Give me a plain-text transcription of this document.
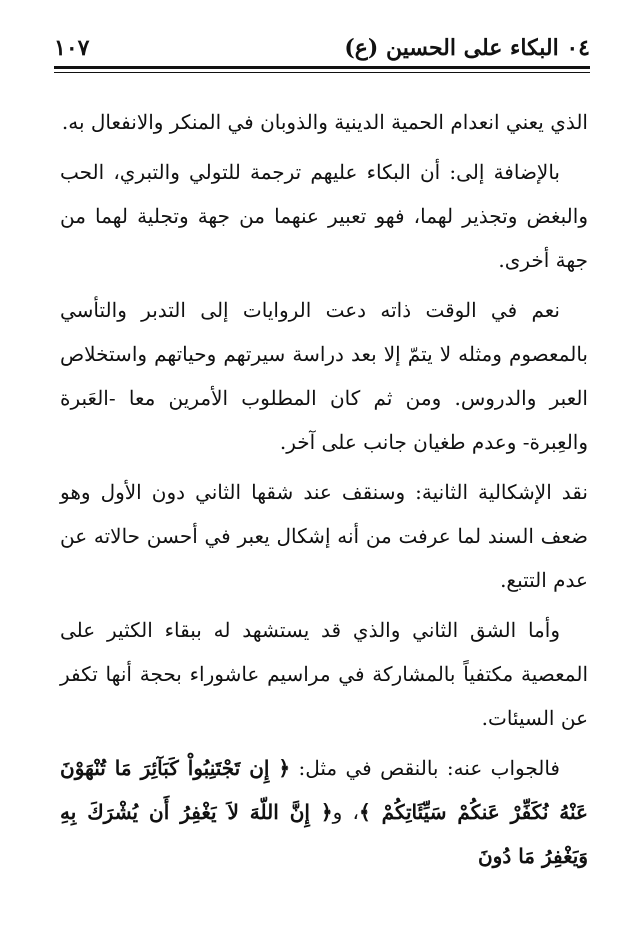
٠٤ البكاء على الحسين (ع)
١٠٧

الذي يعني انعدام الحمية الدينية والذوبان في المنكر والانفعال به.

بالإضافة إلى: أن البكاء عليهم ترجمة للتولي والتبري، الحب والبغض وتجذير لهما، فهو تعبير عنهما من جهة وتجلية لهما من جهة أخرى.

نعم في الوقت ذاته دعت الروايات إلى التدبر والتأسي بالمعصوم ومثله لا يتمّ إلا بعد دراسة سيرتهم وحياتهم واستخلاص العبر والدروس. ومن ثم كان المطلوب الأمرين معا -العَبرة والعِبرة- وعدم طغيان جانب على آخر.

نقد الإشكالية الثانية: وسنقف عند شقها الثاني دون الأول وهو ضعف السند لما عرفت من أنه إشكال يعبر في أحسن حالاته عن عدم التتبع.

وأما الشق الثاني والذي قد يستشهد له ببقاء الكثير على المعصية مكتفياً بالمشاركة في مراسيم عاشوراء بحجة أنها تكفر عن السيئات.

فالجواب عنه: بالنقص في مثل: ﴿ إِن تَجْتَنِبُواْ كَبَآئِرَ مَا تُنْهَوْنَ عَنْهُ نُكَفِّرْ عَنكُمْ سَيِّئَاتِكُمْ ﴾، و﴿ إِنَّ اللّهَ لاَ يَغْفِرُ أَن يُشْرَكَ بِهِ وَيَغْفِرُ مَا دُونَ
